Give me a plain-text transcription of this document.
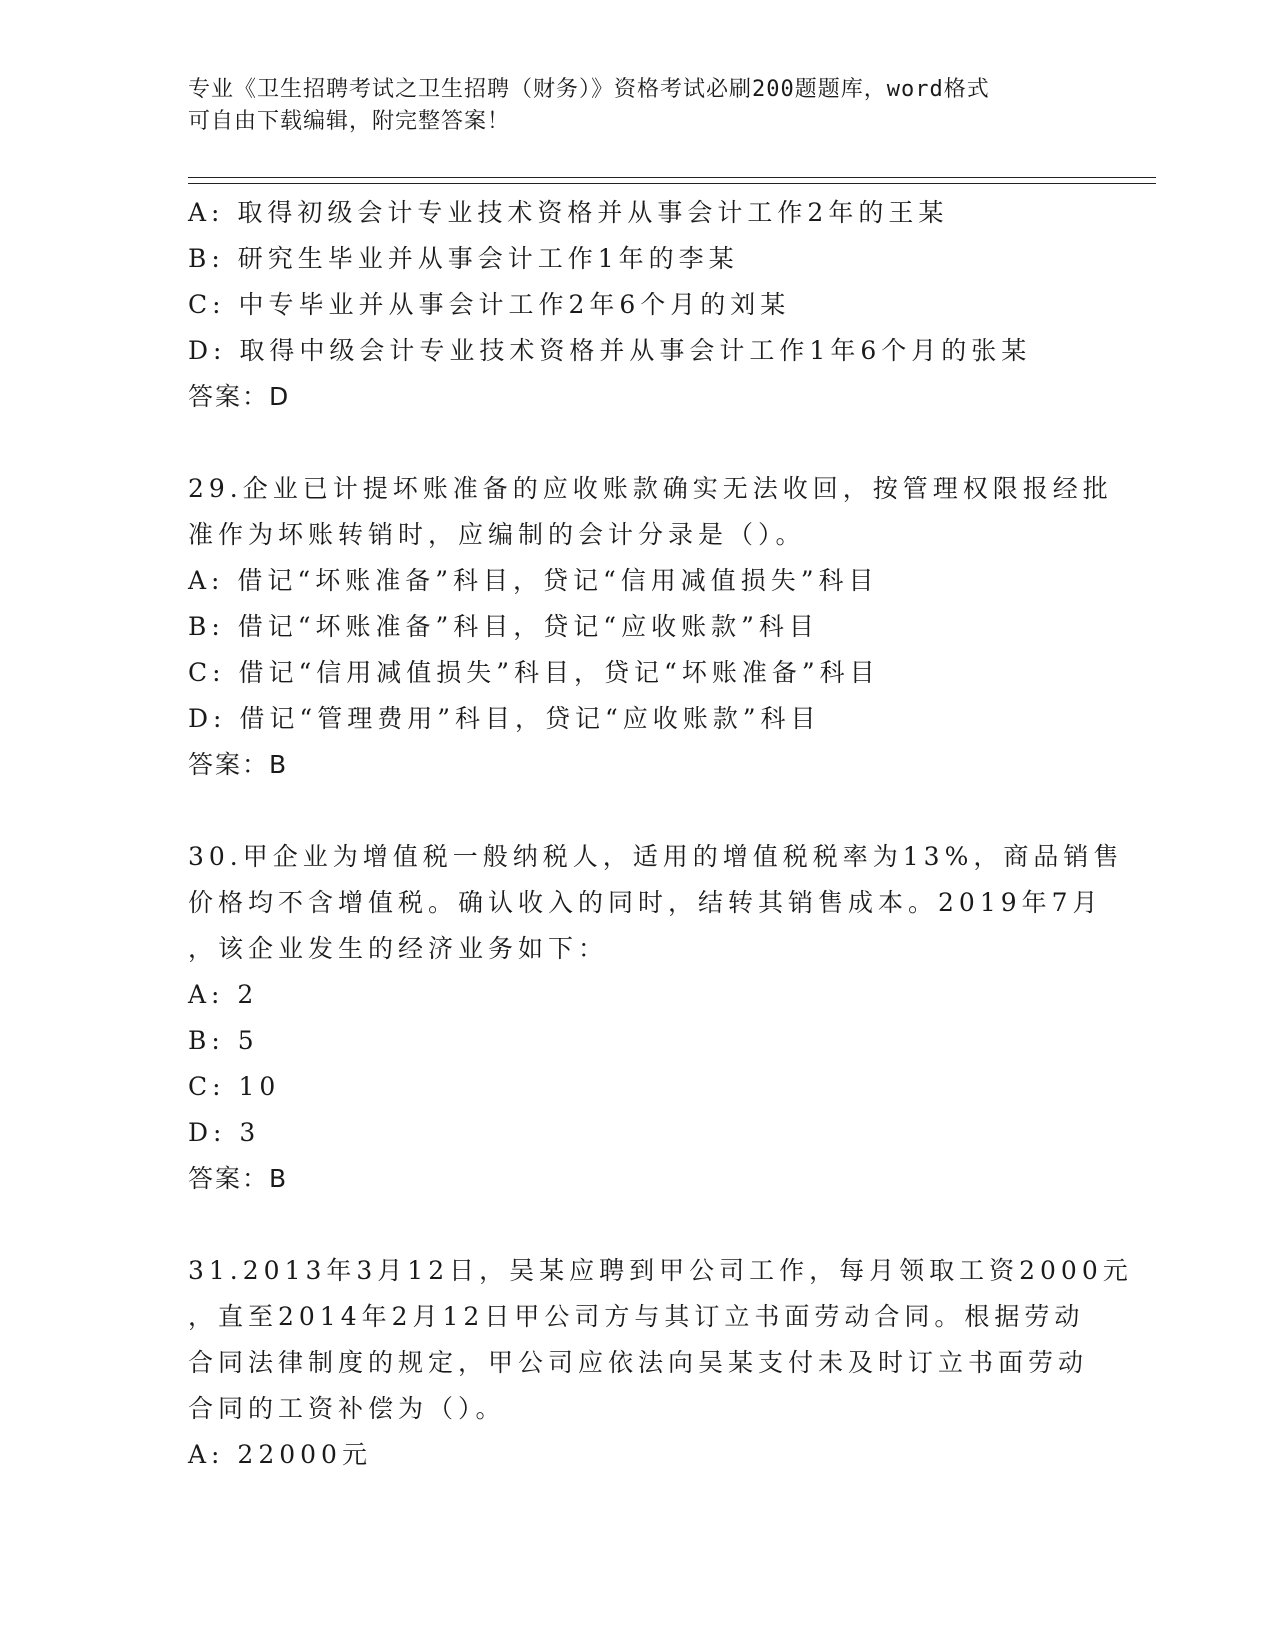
专业《卫生招聘考试之卫生招聘（财务）》资格考试必刷200题题库，word格式
可自由下载编辑，附完整答案！
A: 取得初级会计专业技术资格并从事会计工作2年的王某
B: 研究生毕业并从事会计工作1年的李某
C: 中专毕业并从事会计工作2年6个月的刘某
D: 取得中级会计专业技术资格并从事会计工作1年6个月的张某
答案：D
29.企业已计提坏账准备的应收账款确实无法收回，按管理权限报经批
准作为坏账转销时，应编制的会计分录是（）。
A: 借记“坏账准备”科目，贷记“信用减值损失”科目
B: 借记“坏账准备”科目，贷记“应收账款”科目
C: 借记“信用减值损失”科目，贷记“坏账准备”科目
D: 借记“管理费用”科目，贷记“应收账款”科目
答案：B
30.甲企业为增值税一般纳税人，适用的增值税税率为13%，商品销售
价格均不含增值税。确认收入的同时，结转其销售成本。2019年7月
，该企业发生的经济业务如下：
A: 2
B: 5
C: 10
D: 3
答案：B
31.2013年3月12日，吴某应聘到甲公司工作，每月领取工资2000元
，直至2014年2月12日甲公司方与其订立书面劳动合同。根据劳动
合同法律制度的规定，甲公司应依法向吴某支付未及时订立书面劳动
合同的工资补偿为（）。
A: 22000元
